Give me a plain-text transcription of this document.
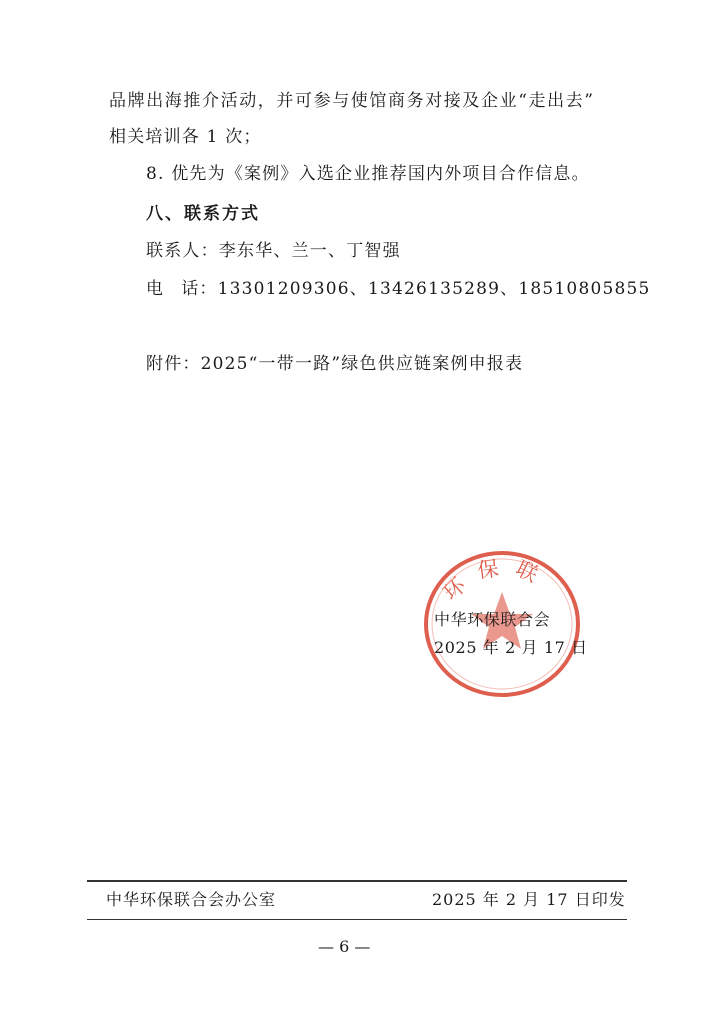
品牌出海推介活动，并可参与使馆商务对接及企业“走出去”
相关培训各 1 次；
8. 优先为《案例》入选企业推荐国内外项目合作信息。
八、联系方式
联系人：李东华、兰一、丁智强
电 话：13301209306、13426135289、18510805855
附件：2025“一带一路”绿色供应链案例申报表
环保联
中华环保联合会
2025 年 2 月 17 日
中华环保联合会办公室	2025 年 2 月 17 日印发
— 6 —
